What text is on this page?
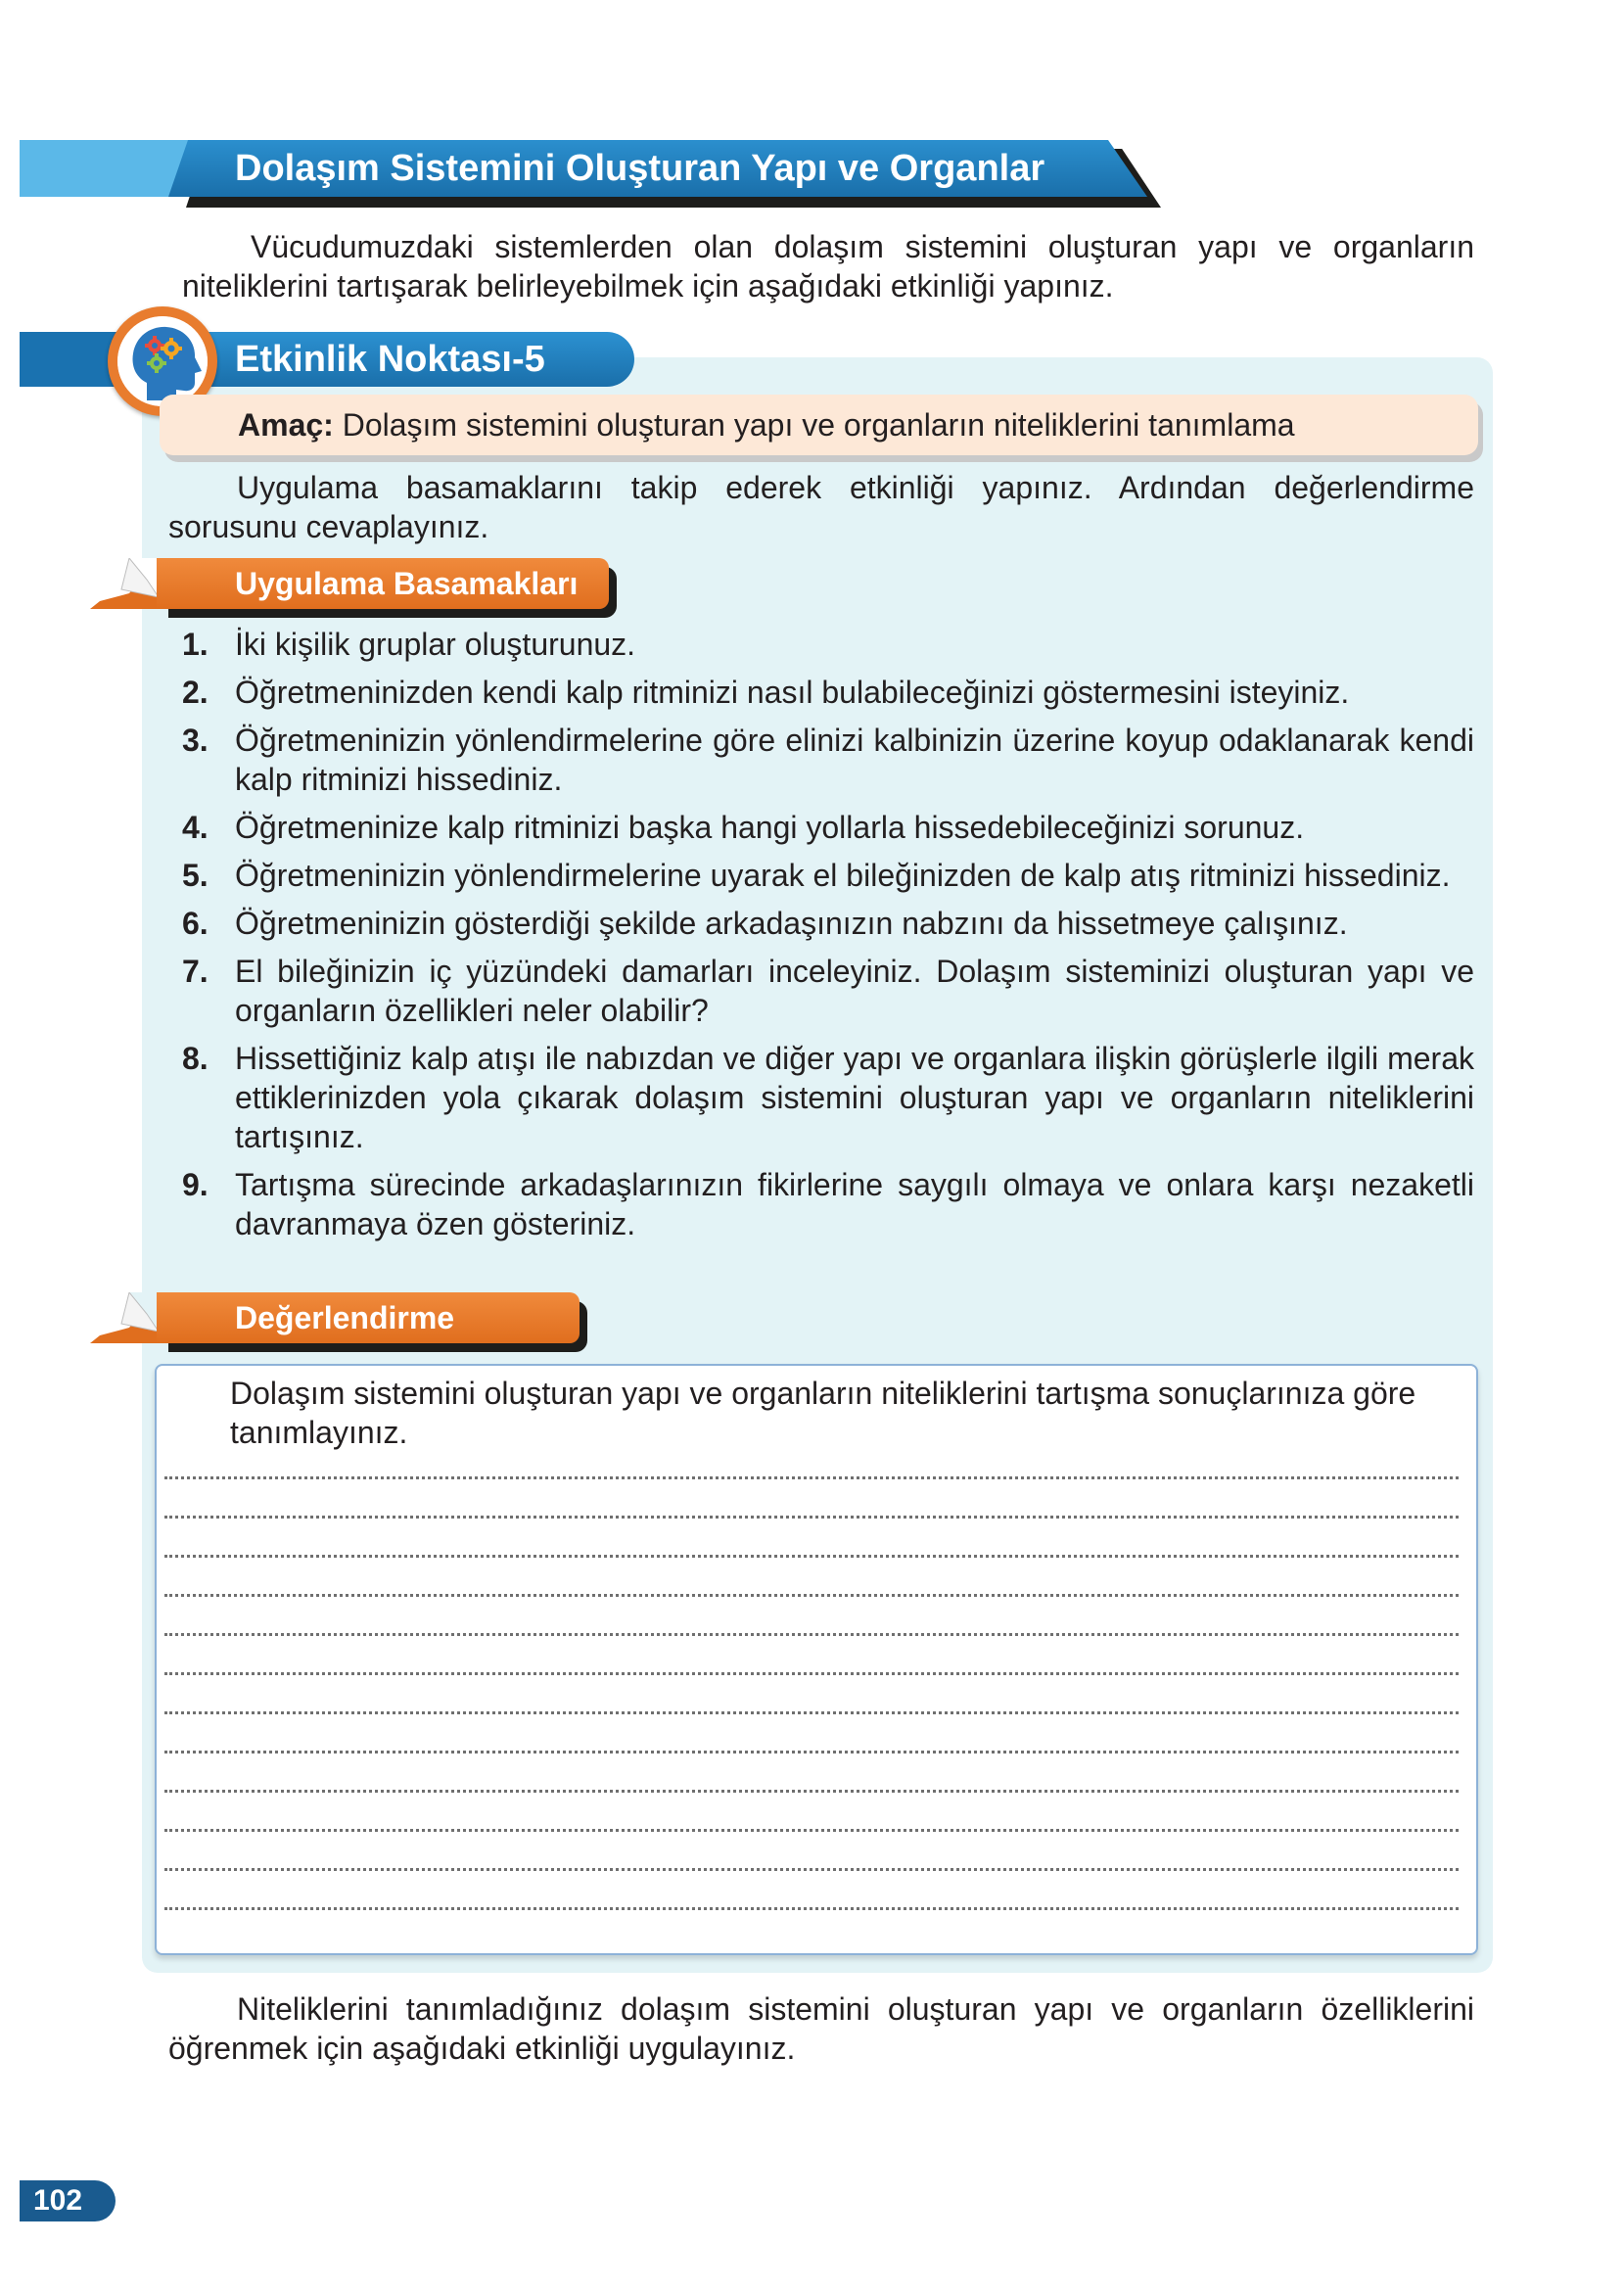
Dolaşım Sistemini Oluşturan Yapı ve Organlar
Vücudumuzdaki sistemlerden olan dolaşım sistemini oluşturan yapı ve organların niteliklerini tartışarak belirleyebilmek için aşağıdaki etkinliği yapınız.
Etkinlik Noktası-5
Amaç: Dolaşım sistemini oluşturan yapı ve organların niteliklerini tanımlama
Uygulama basamaklarını takip ederek etkinliği yapınız. Ardından değerlendirme sorusunu cevaplayınız.
Uygulama Basamakları
1. İki kişilik gruplar oluşturunuz.
2. Öğretmeninizden kendi kalp ritminizi nasıl bulabileceğinizi göstermesini isteyiniz.
3. Öğretmeninizin yönlendirmelerine göre elinizi kalbinizin üzerine koyup odaklanarak kendi kalp ritminizi hissediniz.
4. Öğretmeninize kalp ritminizi başka hangi yollarla hissedebileceğinizi sorunuz.
5. Öğretmeninizin yönlendirmelerine uyarak el bileğinizden de kalp atış ritminizi hissediniz.
6. Öğretmeninizin gösterdiği şekilde arkadaşınızın nabzını da hissetmeye çalışınız.
7. El bileğinizin iç yüzündeki damarları inceleyiniz. Dolaşım sisteminizi oluşturan yapı ve organların özellikleri neler olabilir?
8. Hissettiğiniz kalp atışı ile nabızdan ve diğer yapı ve organlara ilişkin görüşlerle ilgili merak ettiklerinizden yola çıkarak dolaşım sistemini oluşturan yapı ve organların niteliklerini tartışınız.
9. Tartışma sürecinde arkadaşlarınızın fikirlerine saygılı olmaya ve onlara karşı nezaketli davranmaya özen gösteriniz.
Değerlendirme
Dolaşım sistemini oluşturan yapı ve organların niteliklerini tartışma sonuçlarınıza göre tanımlayınız.
Niteliklerini tanımladığınız dolaşım sistemini oluşturan yapı ve organların özelliklerini öğrenmek için aşağıdaki etkinliği uygulayınız.
102
